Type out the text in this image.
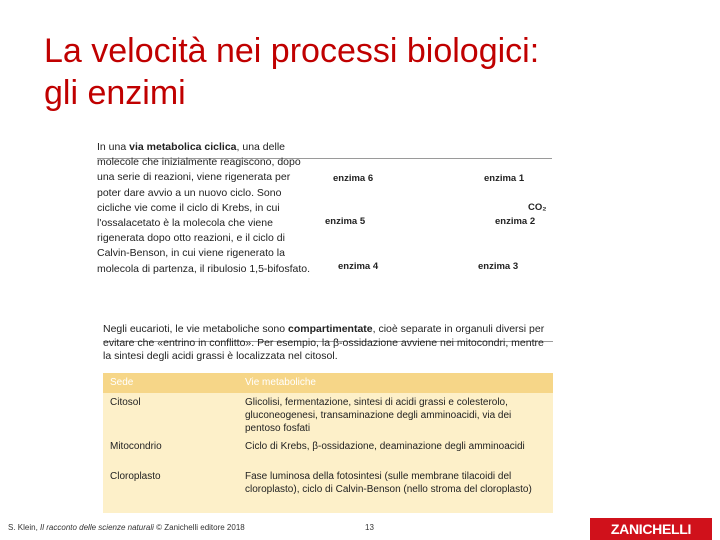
La velocità nei processi biologici:
gli enzimi
In una via metabolica ciclica, una delle molecole che inizialmente reagiscono, dopo una serie di reazioni, viene rigenerata per poter dare avvio a un nuovo ciclo. Sono cicliche vie come il ciclo di Krebs, in cui l'ossalacetato è la molecola che viene rigenerata dopo otto reazioni, e il ciclo di Calvin-Benson, in cui viene rigenerato la molecola di partenza, il ribulosio 1,5-bifosfato.
enzima 6	enzima 1
CO₂
enzima 5	enzima 2
enzima 4	enzima 3
Negli eucarioti, le vie metaboliche sono compartimentate, cioè separate in organuli diversi per evitare che «entrino in conflitto». Per esempio, la β-ossidazione avviene nei mitocondri, mentre la sintesi degli acidi grassi è localizzata nel citosol.
Sede	Vie metaboliche
Citosol	Glicolisi, fermentazione, sintesi di acidi grassi e colesterolo, gluconeogenesi, transaminazione degli amminoacidi, via dei pentoso fosfati
Mitocondrio	Ciclo di Krebs, β-ossidazione, deaminazione degli amminoacidi
Cloroplasto	Fase luminosa della fotosintesi (sulle membrane tilacoidi del cloroplasto), ciclo di Calvin-Benson (nello stroma del cloroplasto)
S. Klein, Il racconto delle scienze naturali © Zanichelli editore 2018	13	ZANICHELLI
